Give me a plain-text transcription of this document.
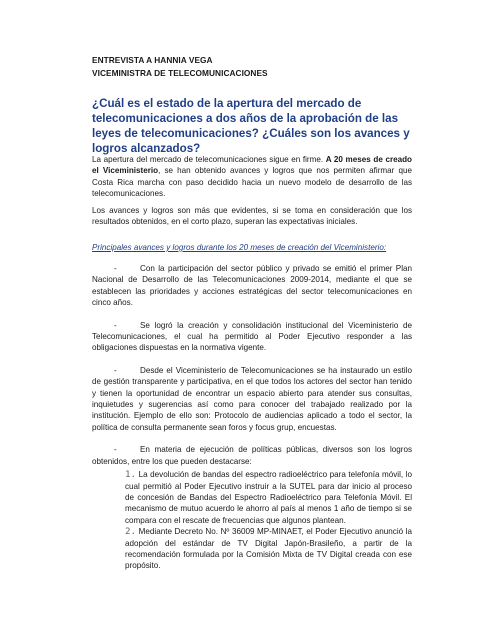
ENTREVISTA A HANNIA VEGA
VICEMINISTRA DE TELECOMUNICACIONES
¿Cuál es el estado de la apertura del mercado de telecomunicaciones a dos años de la aprobación de las leyes de telecomunicaciones? ¿Cuáles son los avances y logros alcanzados?
La apertura del mercado de telecomunicaciones sigue en firme. A 20 meses de creado el Viceministerio, se han obtenido avances y logros que nos permiten afirmar que Costa Rica marcha con paso decidido hacia un nuevo modelo de desarrollo de las telecomunicaciones.
Los avances y logros son más que evidentes, si se toma en consideración que los resultados obtenidos, en el corto plazo, superan las expectativas iniciales.
Principales avances y logros durante los 20 meses de creación del Viceministerio:
-	Con la participación del sector público y privado se emitió el primer Plan Nacional de Desarrollo de las Telecomunicaciones 2009-2014, mediante el que se establecen las prioridades y acciones estratégicas del sector telecomunicaciones en cinco años.
-	Se logró la creación y consolidación institucional del Viceministerio de Telecomunicaciones, el cual ha permitido al Poder Ejecutivo responder a las obligaciones dispuestas en la normativa vigente.
-	Desde el Viceministerio de Telecomunicaciones se ha instaurado un estilo de gestión transparente y participativa, en el que todos los actores del sector han tenido y tienen la oportunidad de encontrar un espacio abierto para atender sus consultas, inquietudes y sugerencias así como para conocer del trabajado realizado por la institución. Ejemplo de ello son: Protocolo de audiencias aplicado a todo el sector, la política de consulta permanente sean foros y focus grup, encuestas.
-	En materia de ejecución de políticas públicas, diversos son los logros obtenidos, entre los que pueden destacarse:
1. La devolución de bandas del espectro radioeléctrico para telefonía móvil, lo cual permitió al Poder Ejecutivo instruir a la SUTEL para dar inicio al proceso de concesión de Bandas del Espectro Radioeléctrico para Telefonía Móvil. El mecanismo de mutuo acuerdo le ahorro al país al menos 1 año de tiempo si se compara con el rescate de frecuencias que algunos plantean.
2. Mediante Decreto No. Nº 36009 MP-MINAET, el Poder Ejecutivo anunció la adopción del estándar de TV Digital Japón-Brasileño, a partir de la recomendación formulada por la Comisión Mixta de TV Digital creada con ese propósito.
